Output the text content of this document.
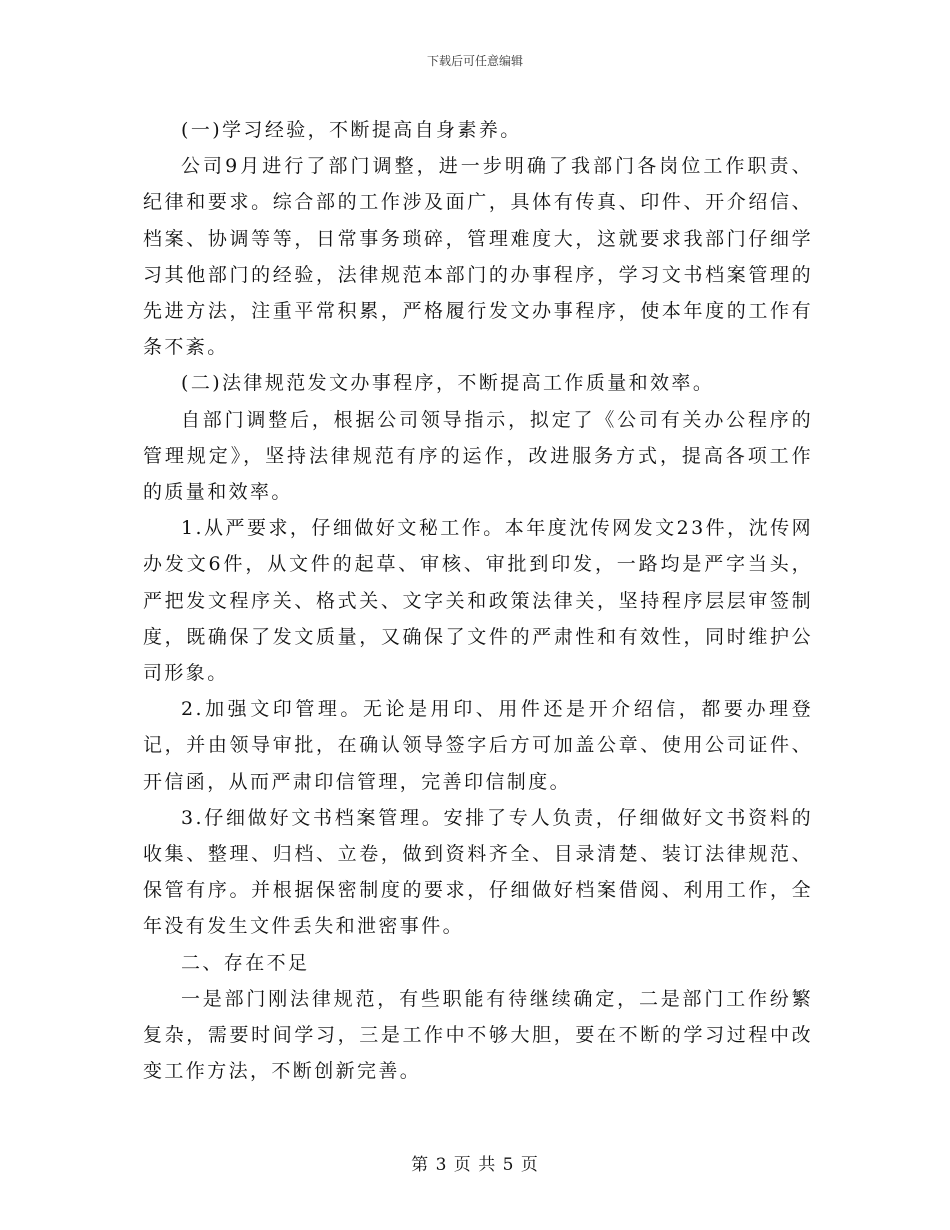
下载后可任意编辑

(一)学习经验，不断提高自身素养。

公司9月进行了部门调整，进一步明确了我部门各岗位工作职责、纪律和要求。综合部的工作涉及面广，具体有传真、印件、开介绍信、档案、协调等等，日常事务琐碎，管理难度大，这就要求我部门仔细学习其他部门的经验，法律规范本部门的办事程序，学习文书档案管理的先进方法，注重平常积累，严格履行发文办事程序，使本年度的工作有条不紊。

(二)法律规范发文办事程序，不断提高工作质量和效率。

自部门调整后，根据公司领导指示，拟定了《公司有关办公程序的管理规定》，坚持法律规范有序的运作，改进服务方式，提高各项工作的质量和效率。

1.从严要求，仔细做好文秘工作。本年度沈传网发文23件，沈传网办发文6件，从文件的起草、审核、审批到印发，一路均是严字当头，严把发文程序关、格式关、文字关和政策法律关，坚持程序层层审签制度，既确保了发文质量，又确保了文件的严肃性和有效性，同时维护公司形象。

2.加强文印管理。无论是用印、用件还是开介绍信，都要办理登记，并由领导审批，在确认领导签字后方可加盖公章、使用公司证件、开信函，从而严肃印信管理，完善印信制度。

3.仔细做好文书档案管理。安排了专人负责，仔细做好文书资料的收集、整理、归档、立卷，做到资料齐全、目录清楚、装订法律规范、保管有序。并根据保密制度的要求，仔细做好档案借阅、利用工作，全年没有发生文件丢失和泄密事件。

二、存在不足

一是部门刚法律规范，有些职能有待继续确定，二是部门工作纷繁复杂，需要时间学习，三是工作中不够大胆，要在不断的学习过程中改变工作方法，不断创新完善。

第 3 页 共 5 页
